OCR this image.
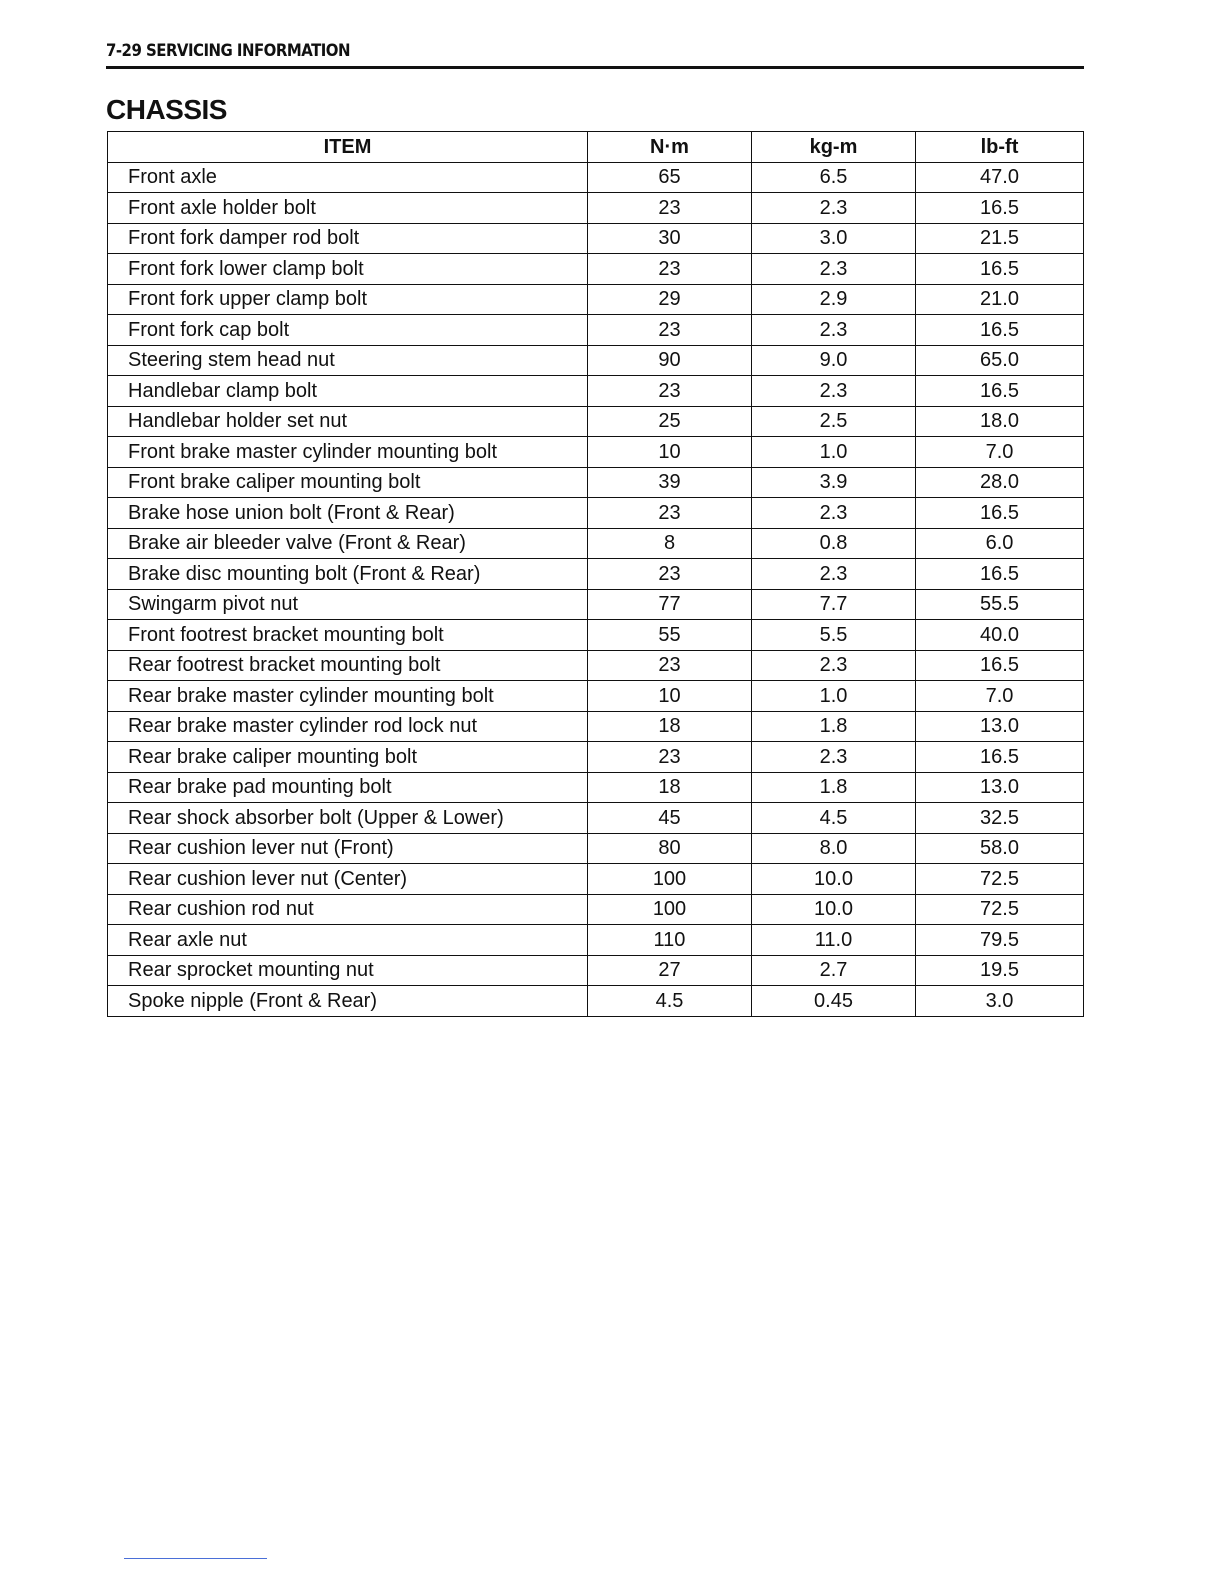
7-29 SERVICING INFORMATION
CHASSIS
ITEM	N·m	kg-m	lb-ft
Front axle	65	6.5	47.0
Front axle holder bolt	23	2.3	16.5
Front fork damper rod bolt	30	3.0	21.5
Front fork lower clamp bolt	23	2.3	16.5
Front fork upper clamp bolt	29	2.9	21.0
Front fork cap bolt	23	2.3	16.5
Steering stem head nut	90	9.0	65.0
Handlebar clamp bolt	23	2.3	16.5
Handlebar holder set nut	25	2.5	18.0
Front brake master cylinder mounting bolt	10	1.0	7.0
Front brake caliper mounting bolt	39	3.9	28.0
Brake hose union bolt (Front & Rear)	23	2.3	16.5
Brake air bleeder valve (Front & Rear)	8	0.8	6.0
Brake disc mounting bolt (Front & Rear)	23	2.3	16.5
Swingarm pivot nut	77	7.7	55.5
Front footrest bracket mounting bolt	55	5.5	40.0
Rear footrest bracket mounting bolt	23	2.3	16.5
Rear brake master cylinder mounting bolt	10	1.0	7.0
Rear brake master cylinder rod lock nut	18	1.8	13.0
Rear brake caliper mounting bolt	23	2.3	16.5
Rear brake pad mounting bolt	18	1.8	13.0
Rear shock absorber bolt (Upper & Lower)	45	4.5	32.5
Rear cushion lever nut (Front)	80	8.0	58.0
Rear cushion lever nut (Center)	100	10.0	72.5
Rear cushion rod nut	100	10.0	72.5
Rear axle nut	110	11.0	79.5
Rear sprocket mounting nut	27	2.7	19.5
Spoke nipple (Front & Rear)	4.5	0.45	3.0
